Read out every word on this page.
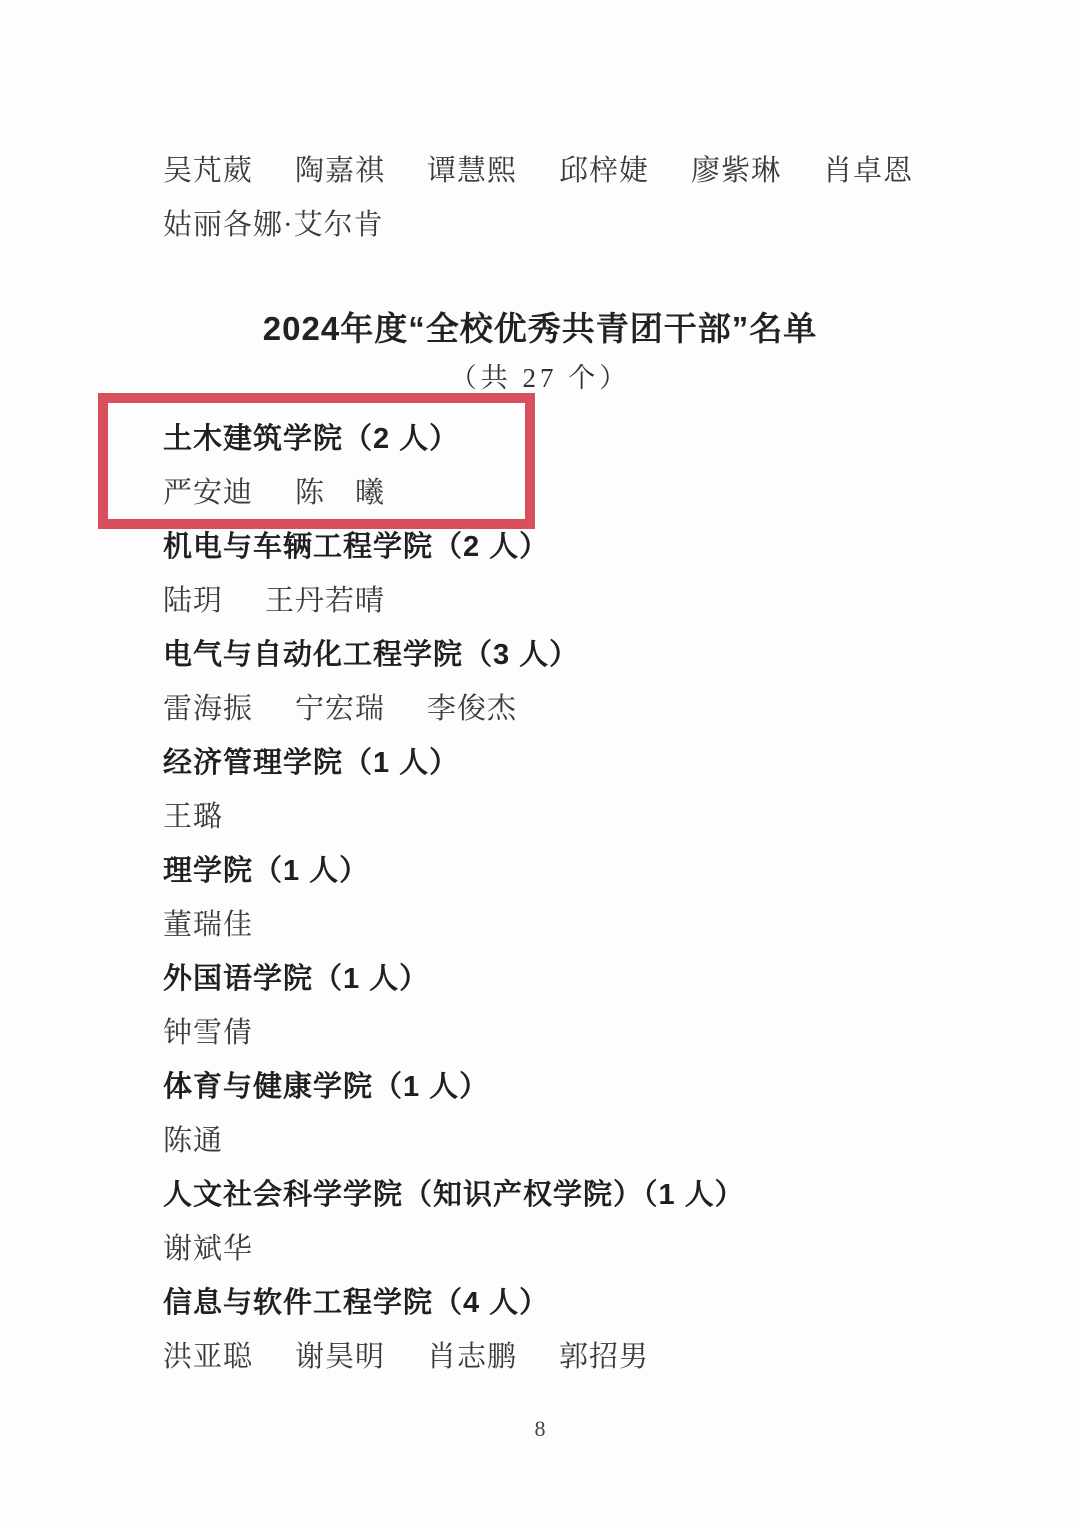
吴芃葳 陶嘉祺 谭慧熙 邱梓婕 廖紫琳 肖卓恩
姑丽各娜·艾尔肯
2024年度“全校优秀共青团干部”名单
（共 27 个）
土木建筑学院（2 人）
严安迪 陈　曦
机电与车辆工程学院（2 人）
陆玥 王丹若晴
电气与自动化工程学院（3 人）
雷海振 宁宏瑞 李俊杰
经济管理学院（1 人）
王璐
理学院（1 人）
董瑞佳
外国语学院（1 人）
钟雪倩
体育与健康学院（1 人）
陈通
人文社会科学学院（知识产权学院）（1 人）
谢斌华
信息与软件工程学院（4 人）
洪亚聪 谢昊明 肖志鹏 郭招男
8
